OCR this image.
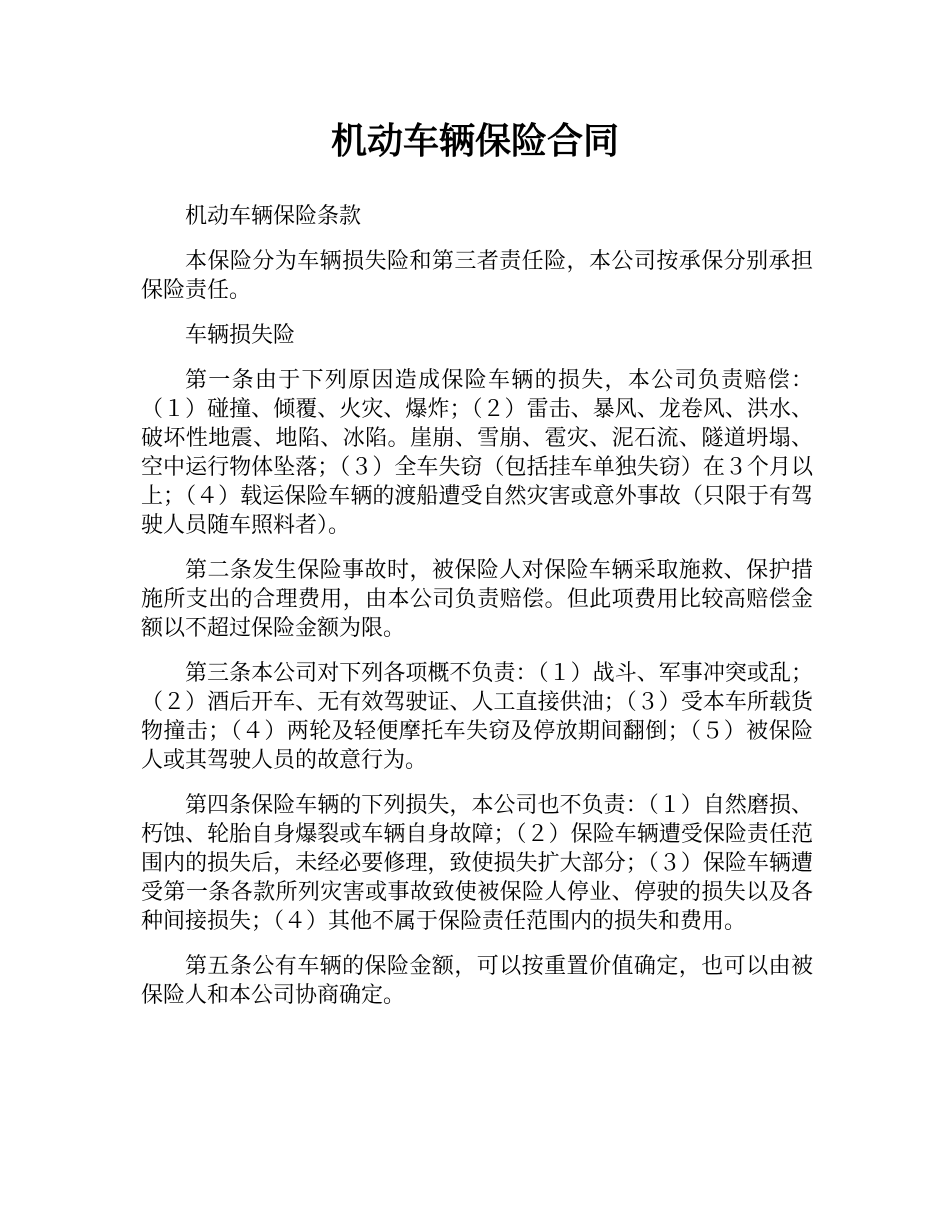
机动车辆保险合同

机动车辆保险条款

本保险分为车辆损失险和第三者责任险，本公司按承保分别承担保险责任。

车辆损失险

第一条由于下列原因造成保险车辆的损失，本公司负责赔偿：（１）碰撞、倾覆、火灾、爆炸；（２）雷击、暴风、龙卷风、洪水、破坏性地震、地陷、冰陷。崖崩、雪崩、雹灾、泥石流、隧道坍塌、空中运行物体坠落；（３）全车失窃（包括挂车单独失窃）在３个月以上；（４）载运保险车辆的渡船遭受自然灾害或意外事故（只限于有驾驶人员随车照料者）。

第二条发生保险事故时，被保险人对保险车辆采取施救、保护措施所支出的合理费用，由本公司负责赔偿。但此项费用比较高赔偿金额以不超过保险金额为限。

第三条本公司对下列各项概不负责：（１）战斗、军事冲突或乱；（２）酒后开车、无有效驾驶证、人工直接供油；（３）受本车所载货物撞击；（４）两轮及轻便摩托车失窃及停放期间翻倒；（５）被保险人或其驾驶人员的故意行为。

第四条保险车辆的下列损失，本公司也不负责：（１）自然磨损、朽蚀、轮胎自身爆裂或车辆自身故障；（２）保险车辆遭受保险责任范围内的损失后，未经必要修理，致使损失扩大部分；（３）保险车辆遭受第一条各款所列灾害或事故致使被保险人停业、停驶的损失以及各种间接损失；（４）其他不属于保险责任范围内的损失和费用。

第五条公有车辆的保险金额，可以按重置价值确定，也可以由被保险人和本公司协商确定。
